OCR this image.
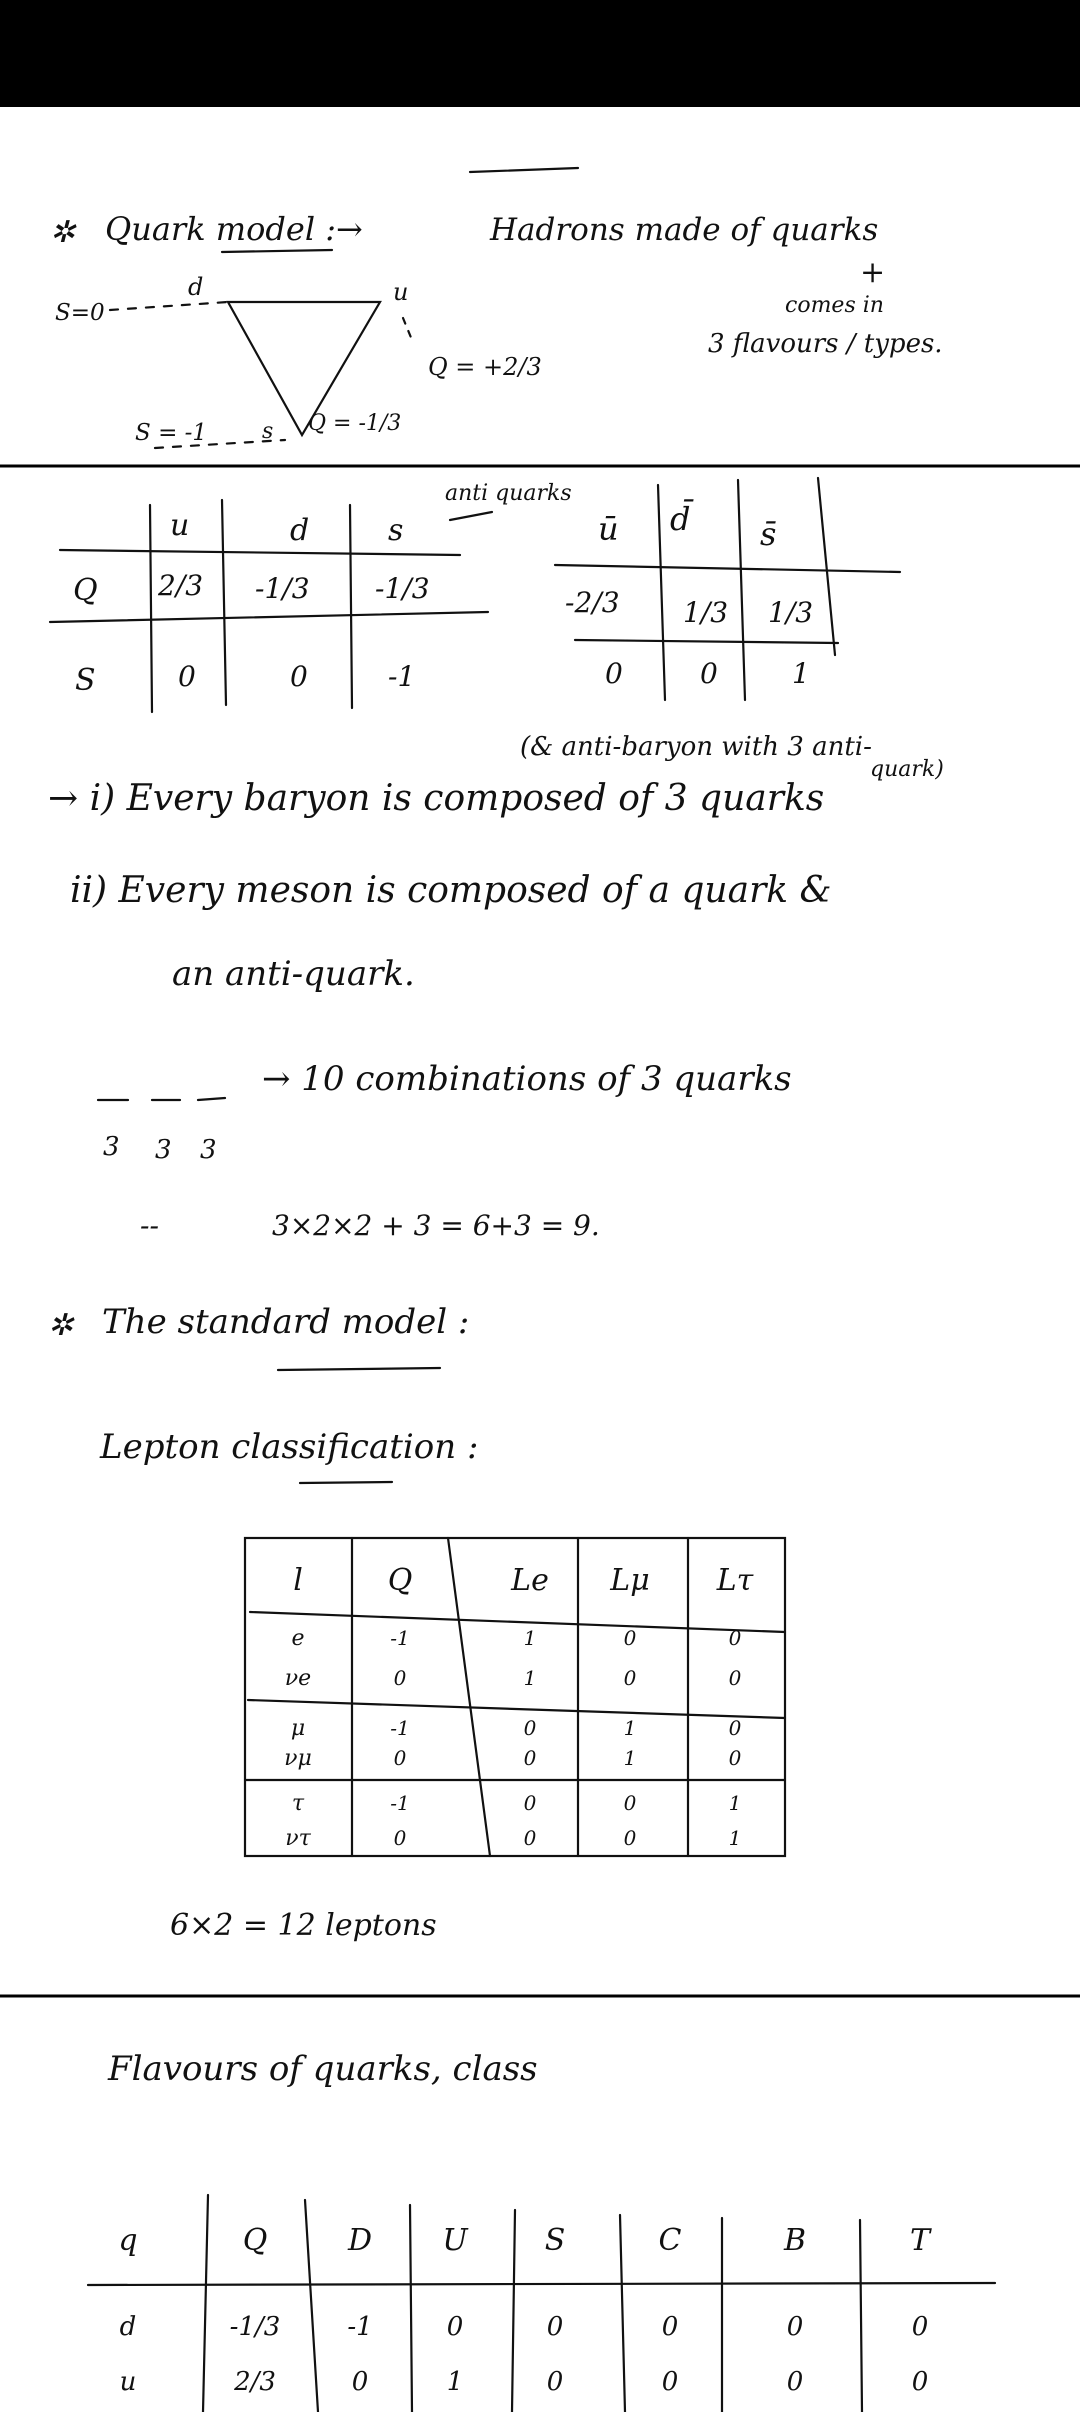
✲ Quark model :→	Hadrons made of quarks
+
comes in
3 flavours / types.
S=0
d	u
Q = +2/3
S = -1 s Q = -1/3
u	d	s
Q 2/3 -1/3 -1/3
S	0	0	-1
anti quarks
ū d̄ s̄
-2/3 1/3 1/3
0	0	1
(& anti-baryon with 3 anti-
quark)
→ i) Every baryon is composed of 3 quarks
ii) Every meson is composed of a quark &
an anti-quark.
→ 10 combinations of 3 quarks
3 3 3
--	3×2×2 + 3 = 6+3 = 9.
✲ The standard model :
Lepton classification :
l	Q	Le Lμ Lτ
e	-1	1	0	0
νe	0	1	0	0
μ	-1	0	1	0
νμ	0	0	1	0
τ	-1	0	0	1
ντ	0	0	0	1
6×2 = 12 leptons
Flavours of quarks, class
q	Q	D U	S	C	B	T
d	-1/3	-1	0	0	0	0	0
u	2/3	0	1	0	0	0	0
